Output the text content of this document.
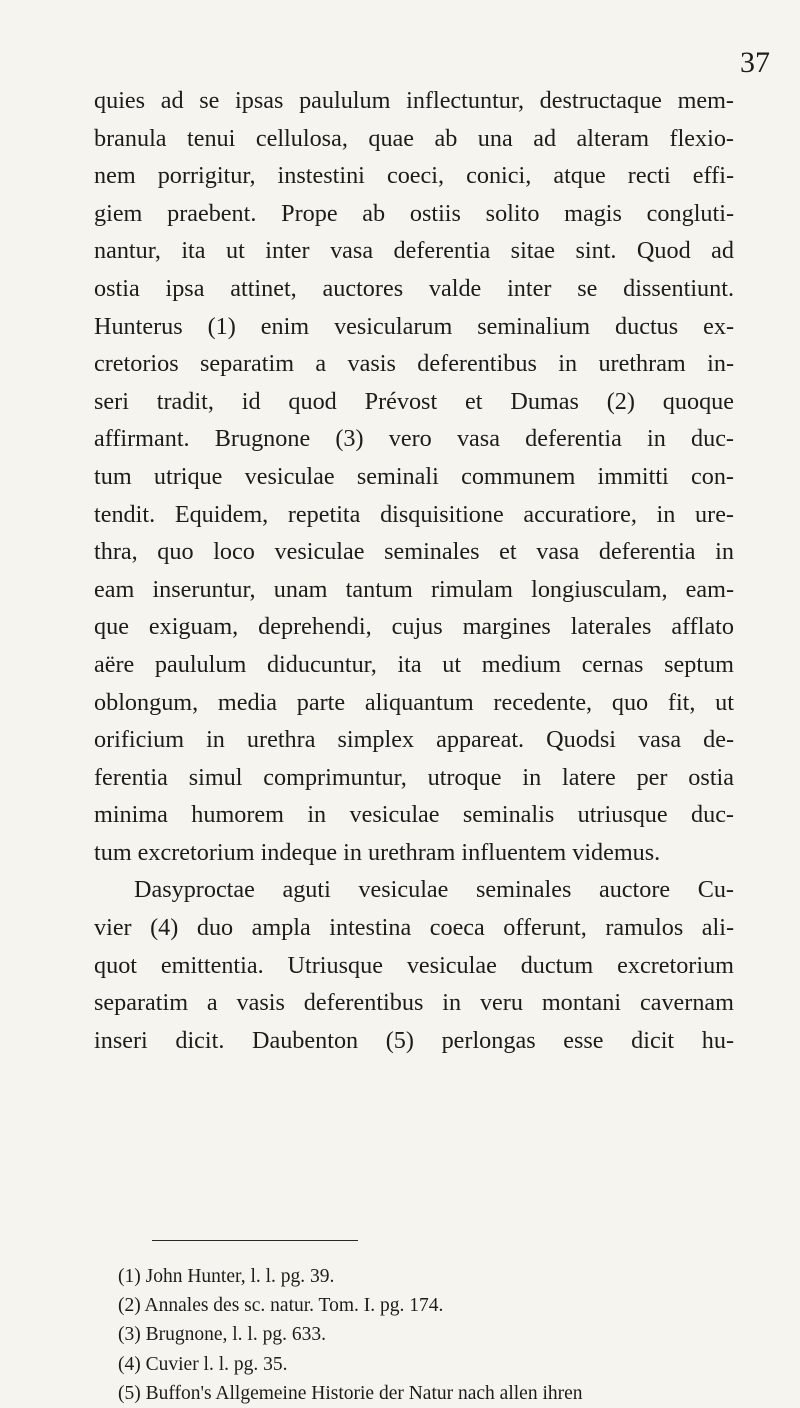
37
quies ad se ipsas paululum inflectuntur, destructaque mem-
branula tenui cellulosa, quae ab una ad alteram flexio-
nem porrigitur, instestini coeci, conici, atque recti effi-
giem praebent. Prope ab ostiis solito magis congluti-
nantur, ita ut inter vasa deferentia sitae sint. Quod ad
ostia ipsa attinet, auctores valde inter se dissentiunt.
Hunterus (1) enim vesicularum seminalium ductus ex-
cretorios separatim a vasis deferentibus in urethram in-
seri tradit, id quod Prévost et Dumas (2) quoque
affirmant. Brugnone (3) vero vasa deferentia in duc-
tum utrique vesiculae seminali communem immitti con-
tendit. Equidem, repetita disquisitione accuratiore, in ure-
thra, quo loco vesiculae seminales et vasa deferentia in
eam inseruntur, unam tantum rimulam longiusculam, eam-
que exiguam, deprehendi, cujus margines laterales afflato
aëre paululum diducuntur, ita ut medium cernas septum
oblongum, media parte aliquantum recedente, quo fit, ut
orificium in urethra simplex appareat. Quodsi vasa de-
ferentia simul comprimuntur, utroque in latere per ostia
minima humorem in vesiculae seminalis utriusque duc-
tum excretorium indeque in urethram influentem videmus.
Dasyproctae aguti vesiculae seminales auctore Cu-
vier (4) duo ampla intestina coeca offerunt, ramulos ali-
quot emittentia. Utriusque vesiculae ductum excretorium
separatim a vasis deferentibus in veru montani cavernam
inseri dicit. Daubenton (5) perlongas esse dicit hu-
(1) John Hunter, l. l. pg. 39.
(2) Annales des sc. natur. Tom. I. pg. 174.
(3) Brugnone, l. l. pg. 633.
(4) Cuvier l. l. pg. 35.
(5) Buffon's Allgemeine Historie der Natur nach allen ihren
